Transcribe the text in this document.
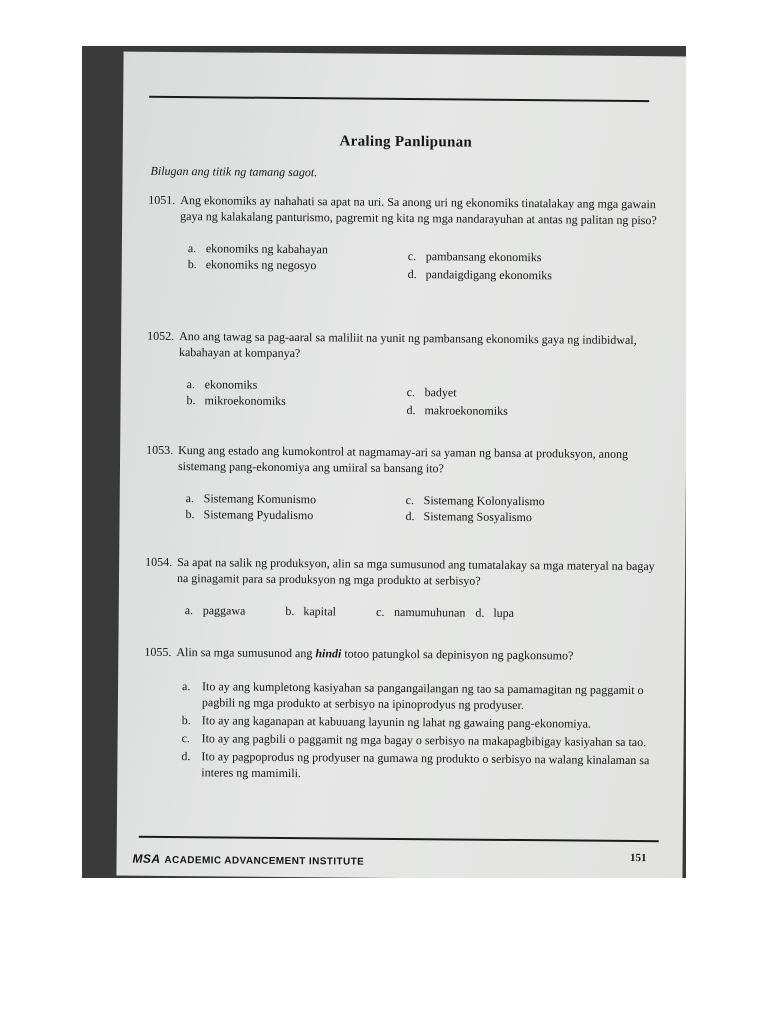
Araling Panlipunan
Bilugan ang titik ng tamang sagot.
1051. Ang ekonomiks ay nahahati sa apat na uri. Sa anong uri ng ekonomiks tinatalakay ang mga gawain gaya ng kalakalang panturismo, pagremit ng kita ng mga nandarayuhan at antas ng palitan ng piso?
a. ekonomiks ng kabahayan
b. ekonomiks ng negosyo
c. pambansang ekonomiks
d. pandaigdigang ekonomiks
1052. Ano ang tawag sa pag-aaral sa maliliit na yunit ng pambansang ekonomiks gaya ng indibidwal, kabahayan at kompanya?
a. ekonomiks
b. mikroekonomiks
c. badyet
d. makroekonomiks
1053. Kung ang estado ang kumokontrol at nagmamay-ari sa yaman ng bansa at produksyon, anong sistemang pang-ekonomiya ang umiiral sa bansang ito?
a. Sistemang Komunismo
b. Sistemang Pyudalismo
c. Sistemang Kolonyalismo
d. Sistemang Sosyalismo
1054. Sa apat na salik ng produksyon, alin sa mga sumusunod ang tumatalakay sa mga materyal na bagay na ginagamit para sa produksyon ng mga produkto at serbisyo?
a. paggawa	b. kapital	c. namumuhunan d. lupa
1055. Alin sa mga sumusunod ang hindi totoo patungkol sa depinisyon ng pagkonsumo?
a. Ito ay ang kumpletong kasiyahan sa pangangailangan ng tao sa pamamagitan ng paggamit o pagbili ng mga produkto at serbisyo na ipinoprodyus ng prodyuser.
b. Ito ay ang kaganapan at kabuuang layunin ng lahat ng gawaing pang-ekonomiya.
c. Ito ay ang pagbili o paggamit ng mga bagay o serbisyo na makapagbibigay kasiyahan sa tao.
d. Ito ay pagpoprodus ng prodyuser na gumawa ng produkto o serbisyo na walang kinalaman sa interes ng mamimili.
MSA ACADEMIC ADVANCEMENT INSTITUTE	151
